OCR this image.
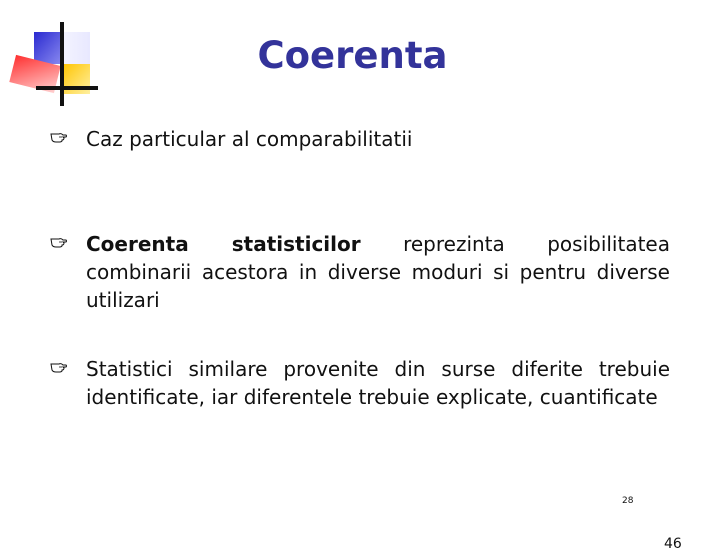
Coerenta
Caz particular al comparabilitatii
Coerenta statisticilor reprezinta posibilitatea combinarii acestora in diverse moduri si pentru diverse utilizari
Statistici similare provenite din surse diferite trebuie identificate, iar diferentele trebuie explicate, cuantificate
28
46
